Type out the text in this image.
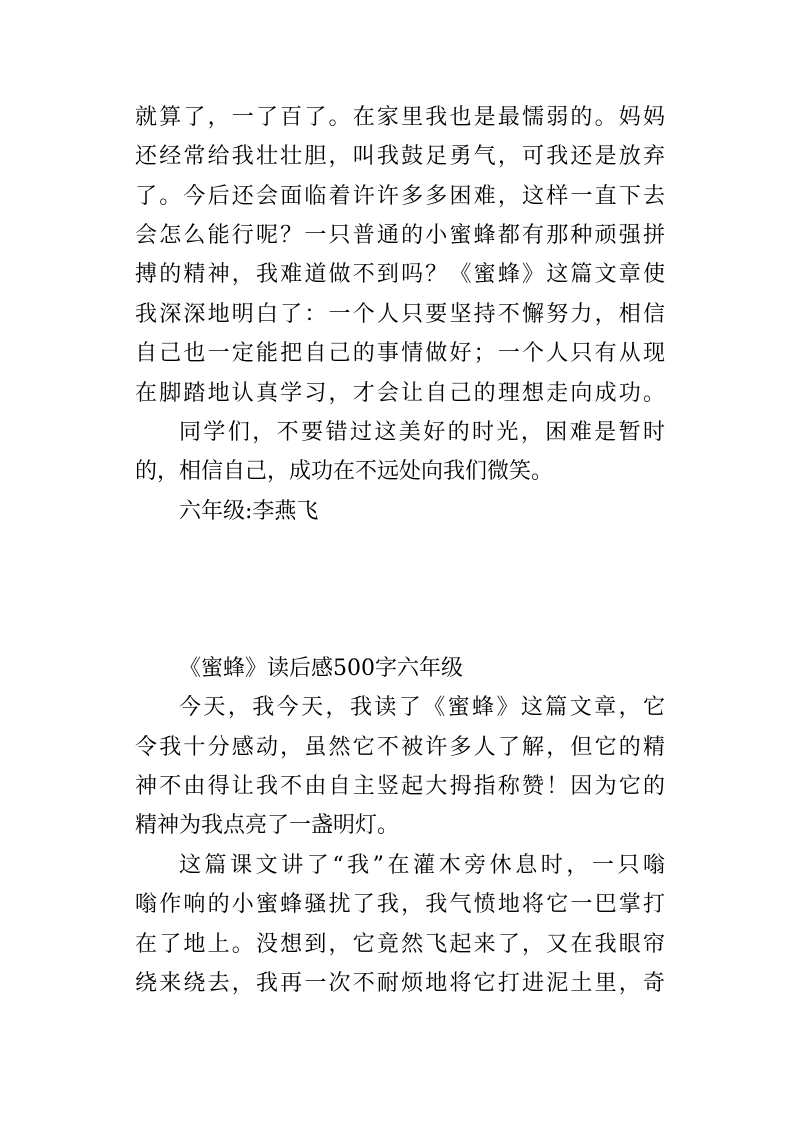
就算了，一了百了。在家里我也是最懦弱的。妈妈
还经常给我壮壮胆，叫我鼓足勇气，可我还是放弃
了。今后还会面临着许许多多困难，这样一直下去
会怎么能行呢？一只普通的小蜜蜂都有那种顽强拼
搏的精神，我难道做不到吗？《蜜蜂》这篇文章使
我深深地明白了：一个人只要坚持不懈努力，相信
自己也一定能把自己的事情做好；一个人只有从现
在脚踏地认真学习，才会让自己的理想走向成功。
同学们，不要错过这美好的时光，困难是暂时
的，相信自己，成功在不远处向我们微笑。
六年级:李燕飞
《蜜蜂》读后感500字六年级
今天，我今天，我读了《蜜蜂》这篇文章，它
令我十分感动，虽然它不被许多人了解，但它的精
神不由得让我不由自主竖起大拇指称赞！因为它的
精神为我点亮了一盏明灯。
这篇课文讲了“我”在灌木旁休息时，一只嗡
嗡作响的小蜜蜂骚扰了我，我气愤地将它一巴掌打
在了地上。没想到，它竟然飞起来了，又在我眼帘
绕来绕去，我再一次不耐烦地将它打进泥土里，奇
